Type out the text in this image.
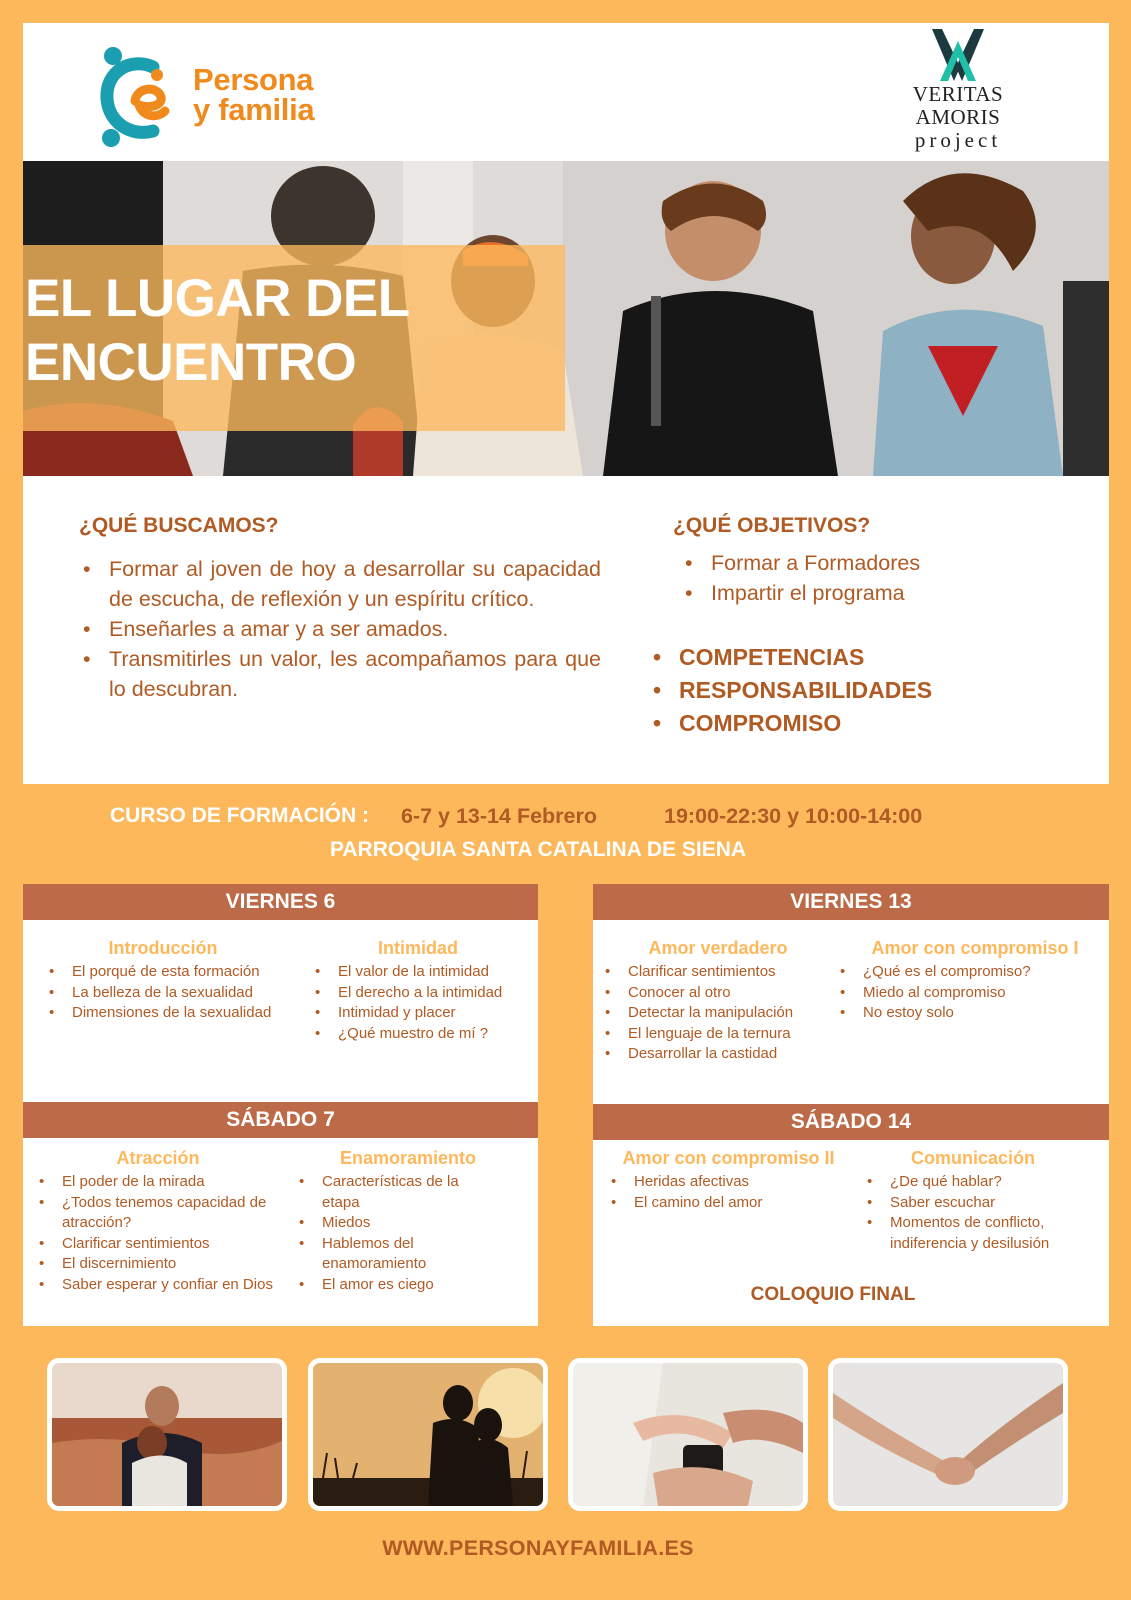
Persona
y familia	VERITAS
AMORIS
project
EL LUGAR DEL
ENCUENTRO
¿QUÉ BUSCAMOS?
• Formar al joven de hoy a desarrollar su capacidad de escucha, de reflexión y un espíritu crítico.
• Enseñarles a amar y a ser amados.
• Transmitirles un valor, les acompañamos para que lo descubran.
¿QUÉ OBJETIVOS?
• Formar a Formadores
• Impartir el programa
• COMPETENCIAS
• RESPONSABILIDADES
• COMPROMISO
CURSO DE FORMACIÓN : 6-7 y 13-14 Febrero	19:00-22:30 y 10:00-14:00
PARROQUIA SANTA CATALINA DE SIENA
VIERNES 6
Introducción
• El porqué de esta formación
• La belleza de la sexualidad
• Dimensiones de la sexualidad
Intimidad
• El valor de la intimidad
• El derecho a la intimidad
• Intimidad y placer
• ¿Qué muestro de mí ?
VIERNES 13
Amor verdadero
• Clarificar sentimientos
• Conocer al otro
• Detectar la manipulación
• El lenguaje de la ternura
• Desarrollar la castidad
Amor con compromiso I
• ¿Qué es el compromiso?
• Miedo al compromiso
• No estoy solo
SÁBADO 7
Atracción
• El poder de la mirada
• ¿Todos tenemos capacidad de atracción?
• Clarificar sentimientos
• El discernimiento
• Saber esperar y confiar en Dios
Enamoramiento
• Características de la etapa
• Miedos
• Hablemos del enamoramiento
• El amor es ciego
SÁBADO 14
Amor con compromiso II
• Heridas afectivas
• El camino del amor
Comunicación
• ¿De qué hablar?
• Saber escuchar
• Momentos de conflicto, indiferencia y desilusión
COLOQUIO FINAL
WWW.PERSONAYFAMILIA.ES
